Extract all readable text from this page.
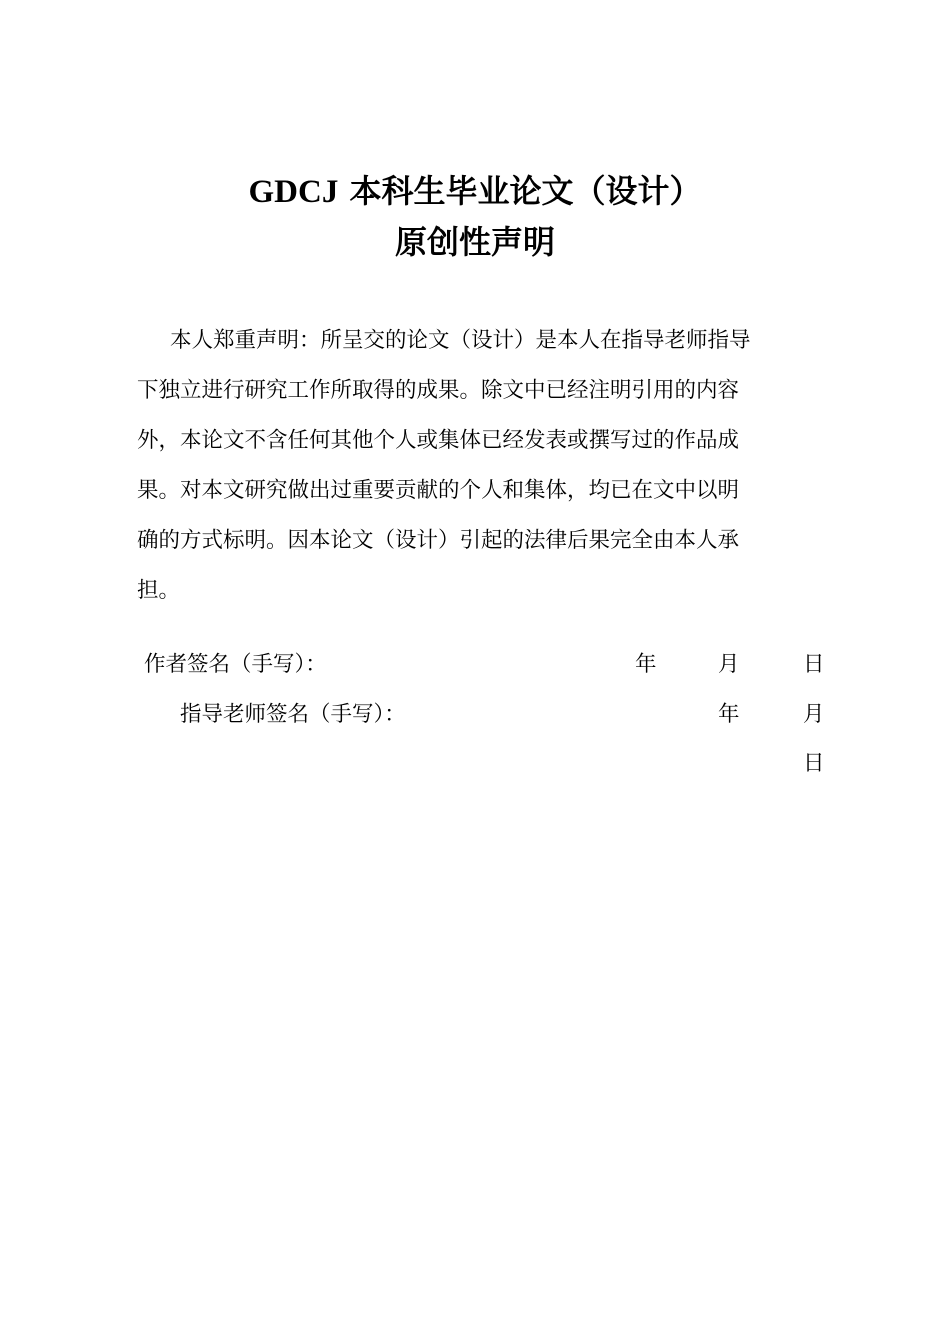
GDCJ 本科生毕业论文（设计）
原创性声明
本人郑重声明：所呈交的论文（设计）是本人在指导老师指导
下独立进行研究工作所取得的成果。除文中已经注明引用的内容
外，本论文不含任何其他个人或集体已经发表或撰写过的作品成
果。对本文研究做出过重要贡献的个人和集体，均已在文中以明
确的方式标明。因本论文（设计）引起的法律后果完全由本人承
担。
作者签名（手写）：	年	月	日
指导老师签名（手写）：	年	月
日
